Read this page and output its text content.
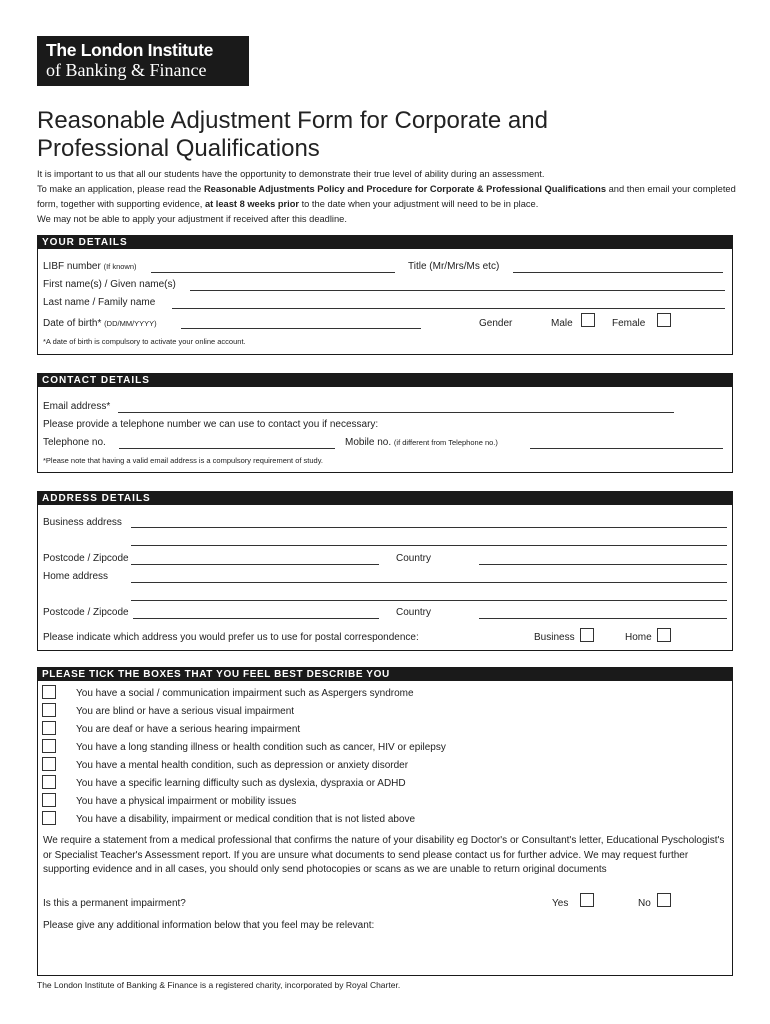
The London Institute
of Banking & Finance
Reasonable Adjustment Form for Corporate and
Professional Qualifications
It is important to us that all our students have the opportunity to demonstrate their true level of ability during an assessment.
To make an application, please read the Reasonable Adjustments Policy and Procedure for Corporate & Professional Qualifications and then email your completed form, together with supporting evidence, at least 8 weeks prior to the date when your adjustment will need to be in place.
We may not be able to apply your adjustment if received after this deadline.
YOUR DETAILS
LIBF number (If known)	Title (Mr/Mrs/Ms etc)
First name(s) / Given name(s)
Last name / Family name
Date of birth* (DD/MM/YYYY)	Gender	Male	Female
*A date of birth is compulsory to activate your online account.
CONTACT DETAILS
Email address*
Please provide a telephone number we can use to contact you if necessary:
Telephone no.	Mobile no. (if different from Telephone no.)
*Please note that having a valid email address is a compulsory requirement of study.
ADDRESS DETAILS
Business address
Postcode / Zipcode	Country
Home address
Postcode / Zipcode	Country
Please indicate which address you would prefer us to use for postal correspondence:	Business	Home
PLEASE TICK THE BOXES THAT YOU FEEL BEST DESCRIBE YOU
You have a social / communication impairment such as Aspergers syndrome
You are blind or have a serious visual impairment
You are deaf or have a serious hearing impairment
You have a long standing illness or health condition such as cancer, HIV or epilepsy
You have a mental health condition, such as depression or anxiety disorder
You have a specific learning difficulty such as dyslexia, dyspraxia or ADHD
You have a physical impairment or mobility issues
You have a disability, impairment or medical condition that is not listed above
We require a statement from a medical professional that confirms the nature of your disability eg Doctor's or Consultant's letter, Educational Pyschologist's or Specialist Teacher's Assessment report. If you are unsure what documents to send please contact us for further advice. We may request further supporting evidence and in all cases, you should only send photocopies or scans as we are unable to return original documents
Is this a permanent impairment?	Yes	No
Please give any additional information below that you feel may be relevant:
The London Institute of Banking & Finance is a registered charity, incorporated by Royal Charter.
